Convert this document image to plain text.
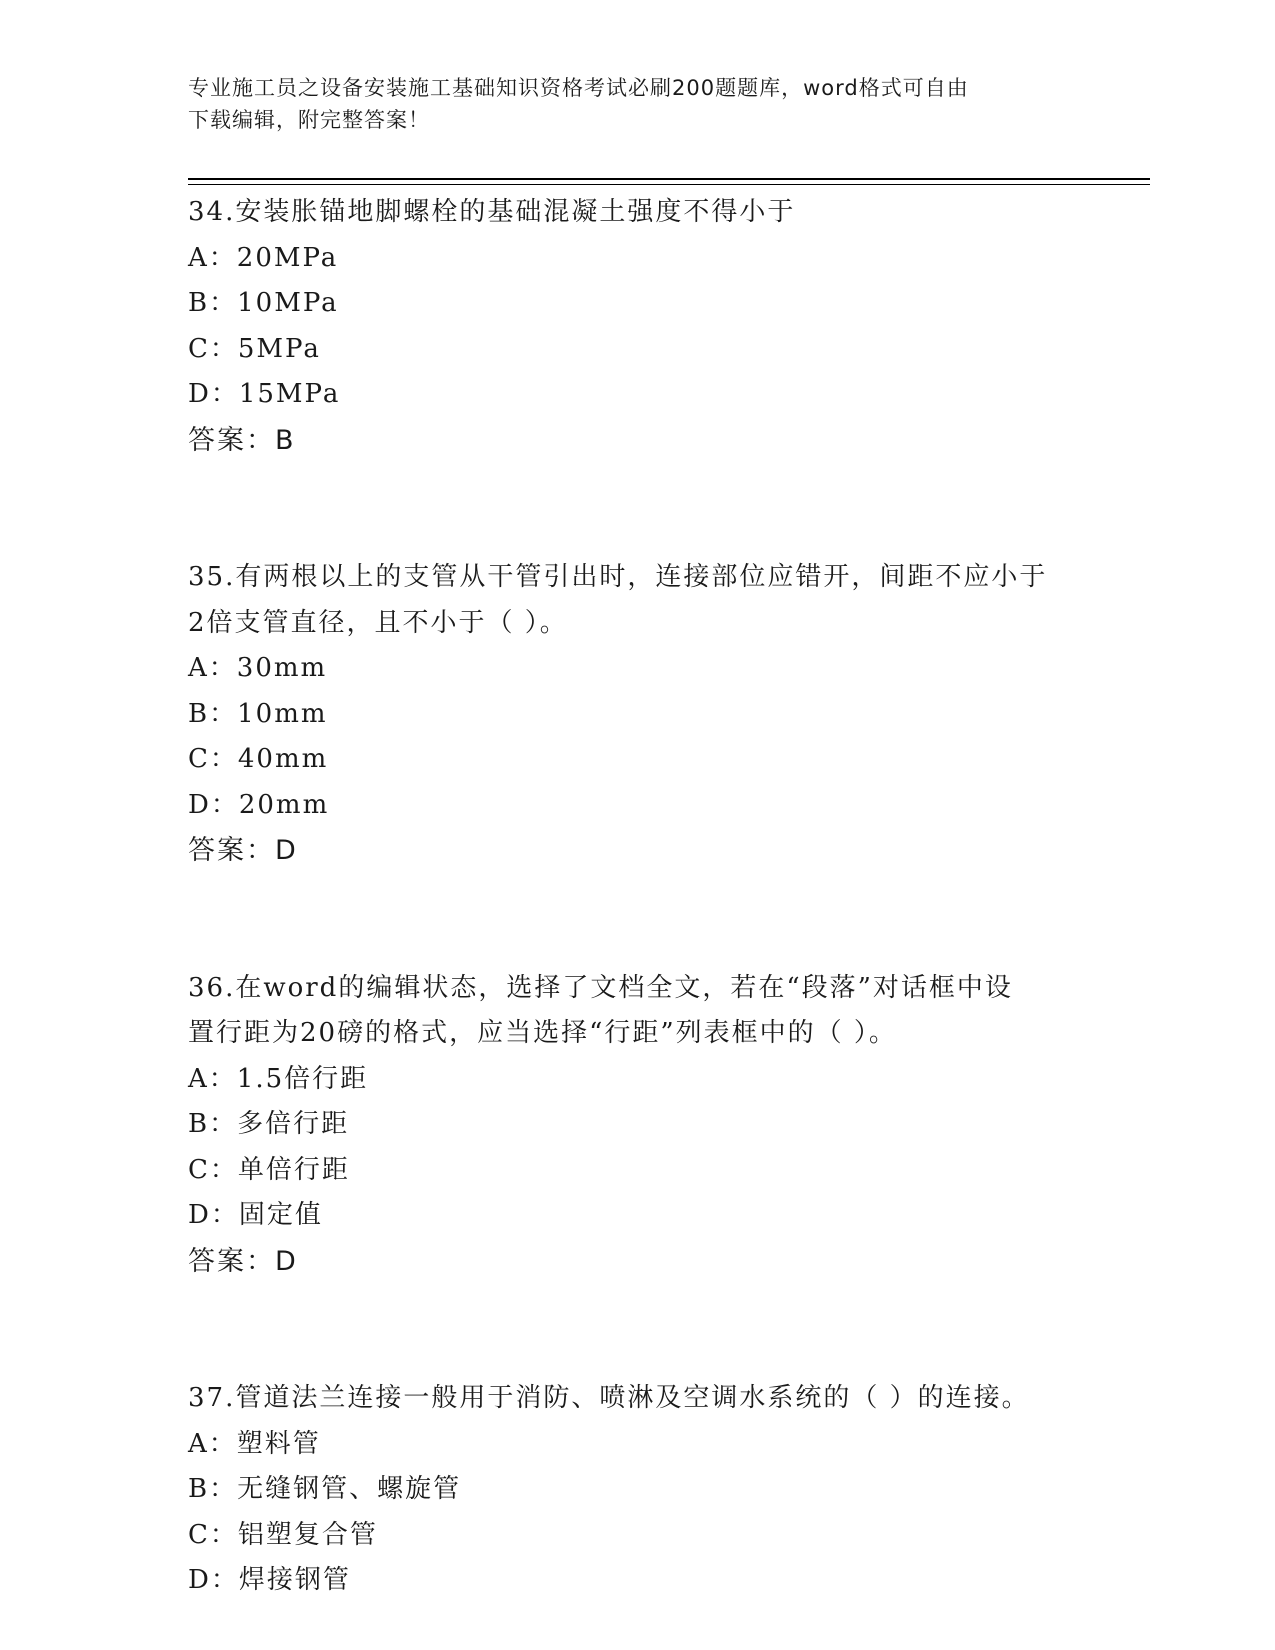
专业施工员之设备安装施工基础知识资格考试必刷200题题库，word格式可自由
下载编辑，附完整答案！

34.安装胀锚地脚螺栓的基础混凝土强度不得小于

A：20MPa

B：10MPa

C：5MPa

D：15MPa

答案：B

35.有两根以上的支管从干管引出时，连接部位应错开，间距不应小于

2倍支管直径，且不小于（ ）。

A：30mm

B：10mm

C：40mm

D：20mm

答案：D

36.在word的编辑状态，选择了文档全文，若在“段落”对话框中设

置行距为20磅的格式，应当选择“行距”列表框中的（ ）。

A：1.5倍行距

B：多倍行距

C：单倍行距

D：固定值

答案：D

37.管道法兰连接一般用于消防、喷淋及空调水系统的（ ）的连接。

A：塑料管

B：无缝钢管、螺旋管

C：铝塑复合管

D：焊接钢管
